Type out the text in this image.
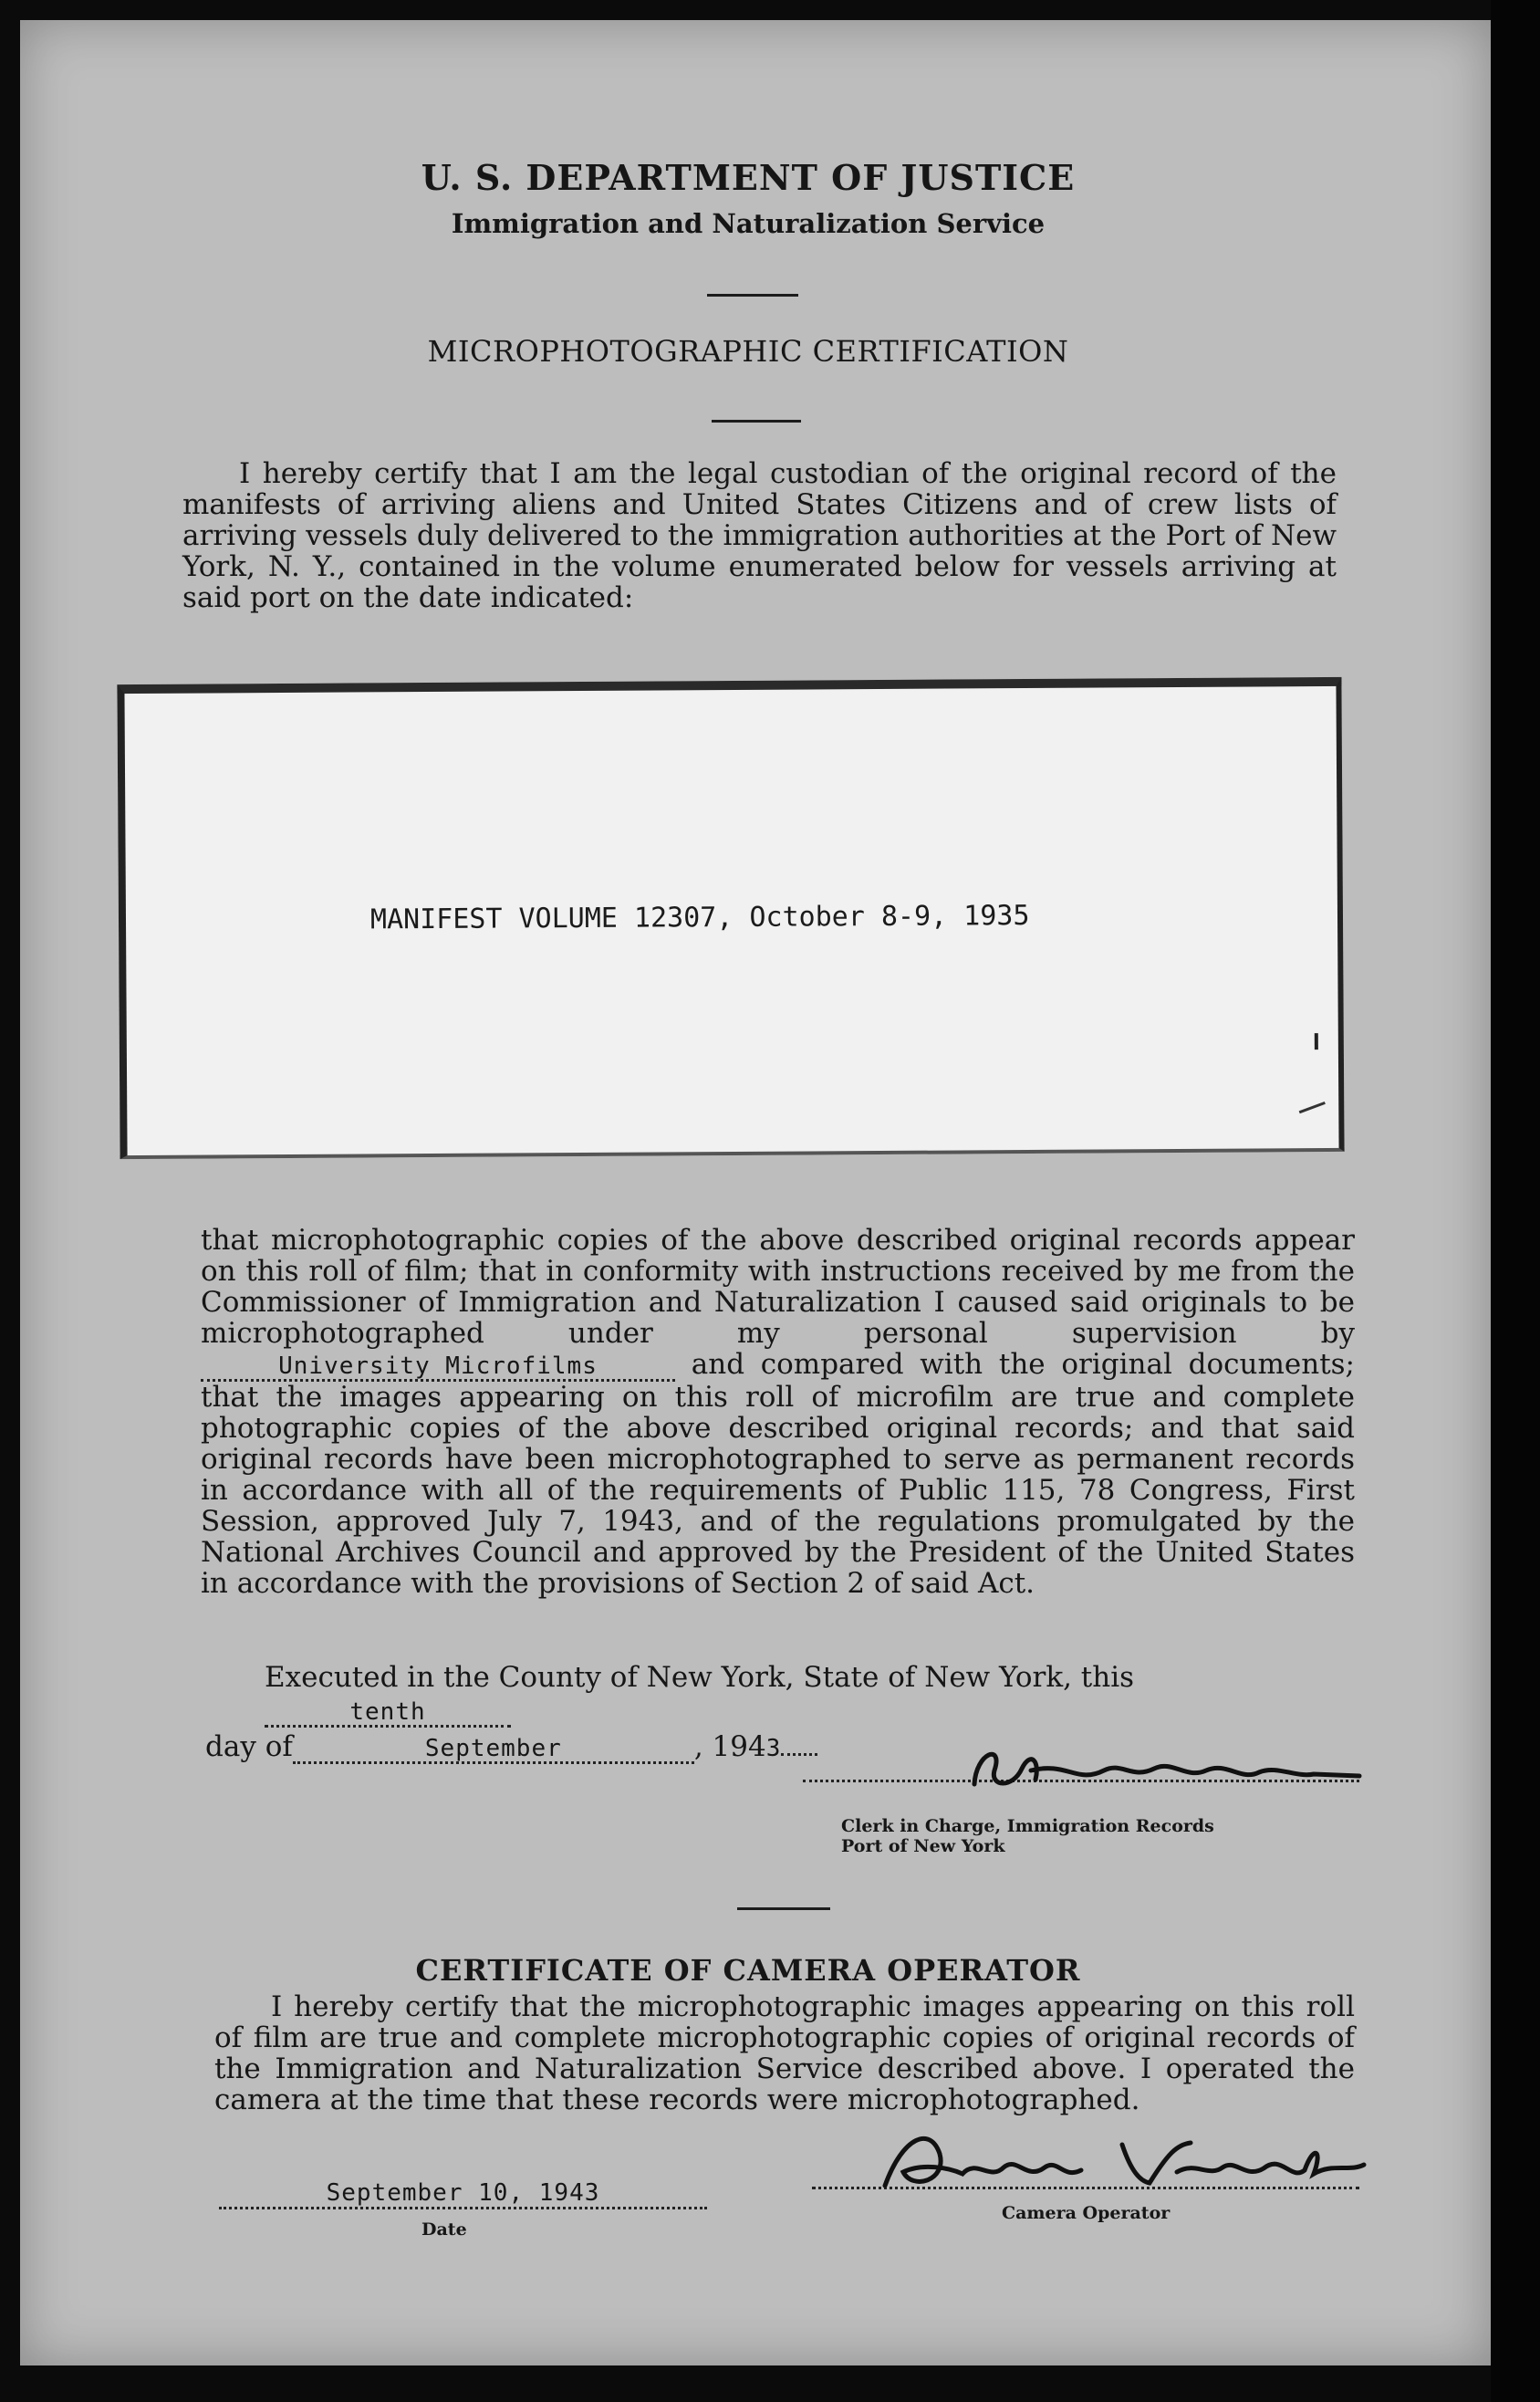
U. S. DEPARTMENT OF JUSTICE
Immigration and Naturalization Service
MICROPHOTOGRAPHIC CERTIFICATION
I hereby certify that I am the legal custodian of the original record of the manifests of arriving aliens and United States Citizens and of crew lists of arriving vessels duly delivered to the immigration authorities at the Port of New York, N. Y., contained in the volume enumerated below for vessels arriving at said port on the date indicated:
MANIFEST VOLUME 12307, October 8-9, 1935
that microphotographic copies of the above described original records appear on this roll of film; that in conformity with instructions received by me from the Commissioner of Immigration and Naturalization I caused said originals to be microphotographed under my personal supervision by University Microfilms	and compared with the original documents; that the images appearing on this roll of microfilm are true and complete photographic copies of the above described original records; and that said original records have been microphotographed to serve as permanent records in accordance with all of the requirements of Public 115, 78 Congress, First Session, approved July 7, 1943, and of the regulations promulgated by the National Archives Council and approved by the President of the United States in accordance with the provisions of Section 2 of said Act.
Executed in the County of New York, State of New York, thistenth
day of	September	, 1943
Clerk in Charge, Immigration Records
Port of New York
CERTIFICATE OF CAMERA OPERATOR
I hereby certify that the microphotographic images appearing on this roll of film are true and complete microphotographic copies of original records of the Immigration and Naturalization Service described above. I operated the camera at the time that these records were microphotographed.
September 10, 1943
Date
Camera Operator
